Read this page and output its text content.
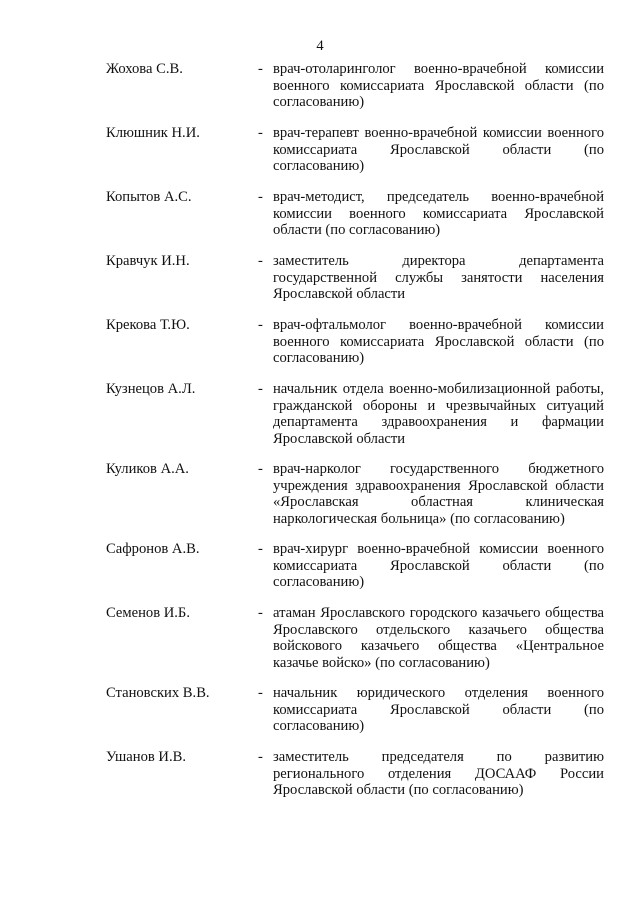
4
Жохова С.В.	- врач-отоларинголог военно-врачебной комиссии военного комиссариата Ярославской области (по согласованию)
Клюшник Н.И.	- врач-терапевт военно-врачебной комиссии военного комиссариата Ярославской области (по согласованию)
Копытов А.С.	- врач-методист, председатель военно-врачебной комиссии военного комиссариата Ярославской области (по согласованию)
Кравчук И.Н.	- заместитель директора департамента государственной службы занятости населения Ярославской области
Крекова Т.Ю.	- врач-офтальмолог военно-врачебной комиссии военного комиссариата Ярославской области (по согласованию)
Кузнецов А.Л.	- начальник отдела военно-мобилизационной работы, гражданской обороны и чрезвычайных ситуаций департамента здравоохранения и фармации Ярославской области
Куликов А.А.	- врач-нарколог государственного бюджетного учреждения здравоохранения Ярославской области «Ярославская областная клиническая наркологическая больница» (по согласованию)
Сафронов А.В.	- врач-хирург военно-врачебной комиссии военного комиссариата Ярославской области (по согласованию)
Семенов И.Б.	- атаман Ярославского городского казачьего общества Ярославского отдельского казачьего общества войскового казачьего общества «Центральное казачье войско» (по согласованию)
Становских В.В.	- начальник юридического отделения военного комиссариата Ярославской области (по согласованию)
Ушанов И.В.	- заместитель председателя по развитию регионального отделения ДОСААФ России Ярославской области (по согласованию)
